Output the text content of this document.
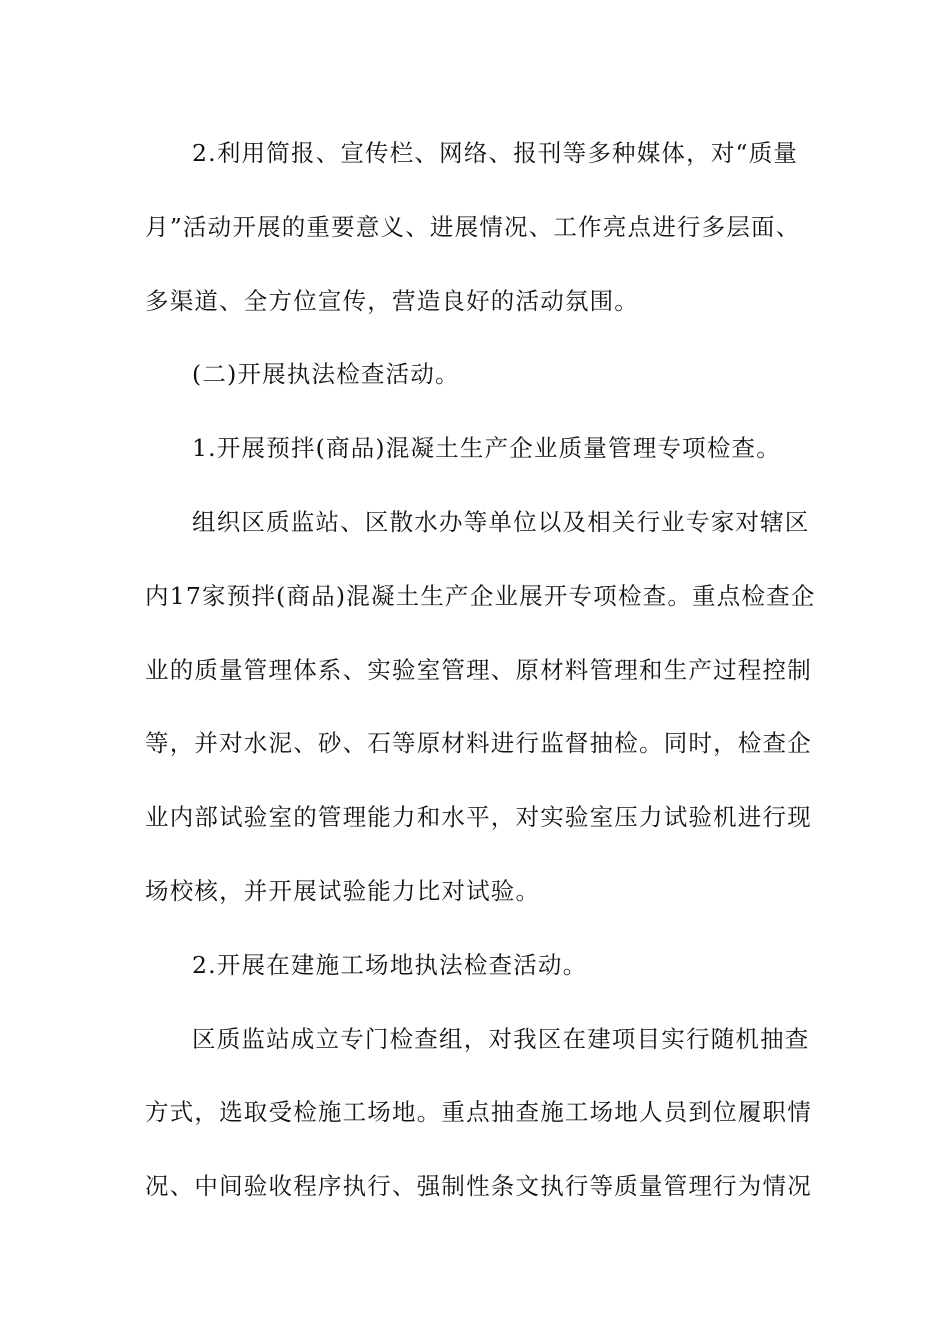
2.利用简报、宣传栏、网络、报刊等多种媒体，对“质量
月”活动开展的重要意义、进展情况、工作亮点进行多层面、
多渠道、全方位宣传，营造良好的活动氛围。
(二)开展执法检查活动。
1.开展预拌(商品)混凝土生产企业质量管理专项检查。
组织区质监站、区散水办等单位以及相关行业专家对辖区
内17家预拌(商品)混凝土生产企业展开专项检查。重点检查企
业的质量管理体系、实验室管理、原材料管理和生产过程控制
等，并对水泥、砂、石等原材料进行监督抽检。同时，检查企
业内部试验室的管理能力和水平，对实验室压力试验机进行现
场校核，并开展试验能力比对试验。
2.开展在建施工场地执法检查活动。
区质监站成立专门检查组，对我区在建项目实行随机抽查
方式，选取受检施工场地。重点抽查施工场地人员到位履职情
况、中间验收程序执行、强制性条文执行等质量管理行为情况
